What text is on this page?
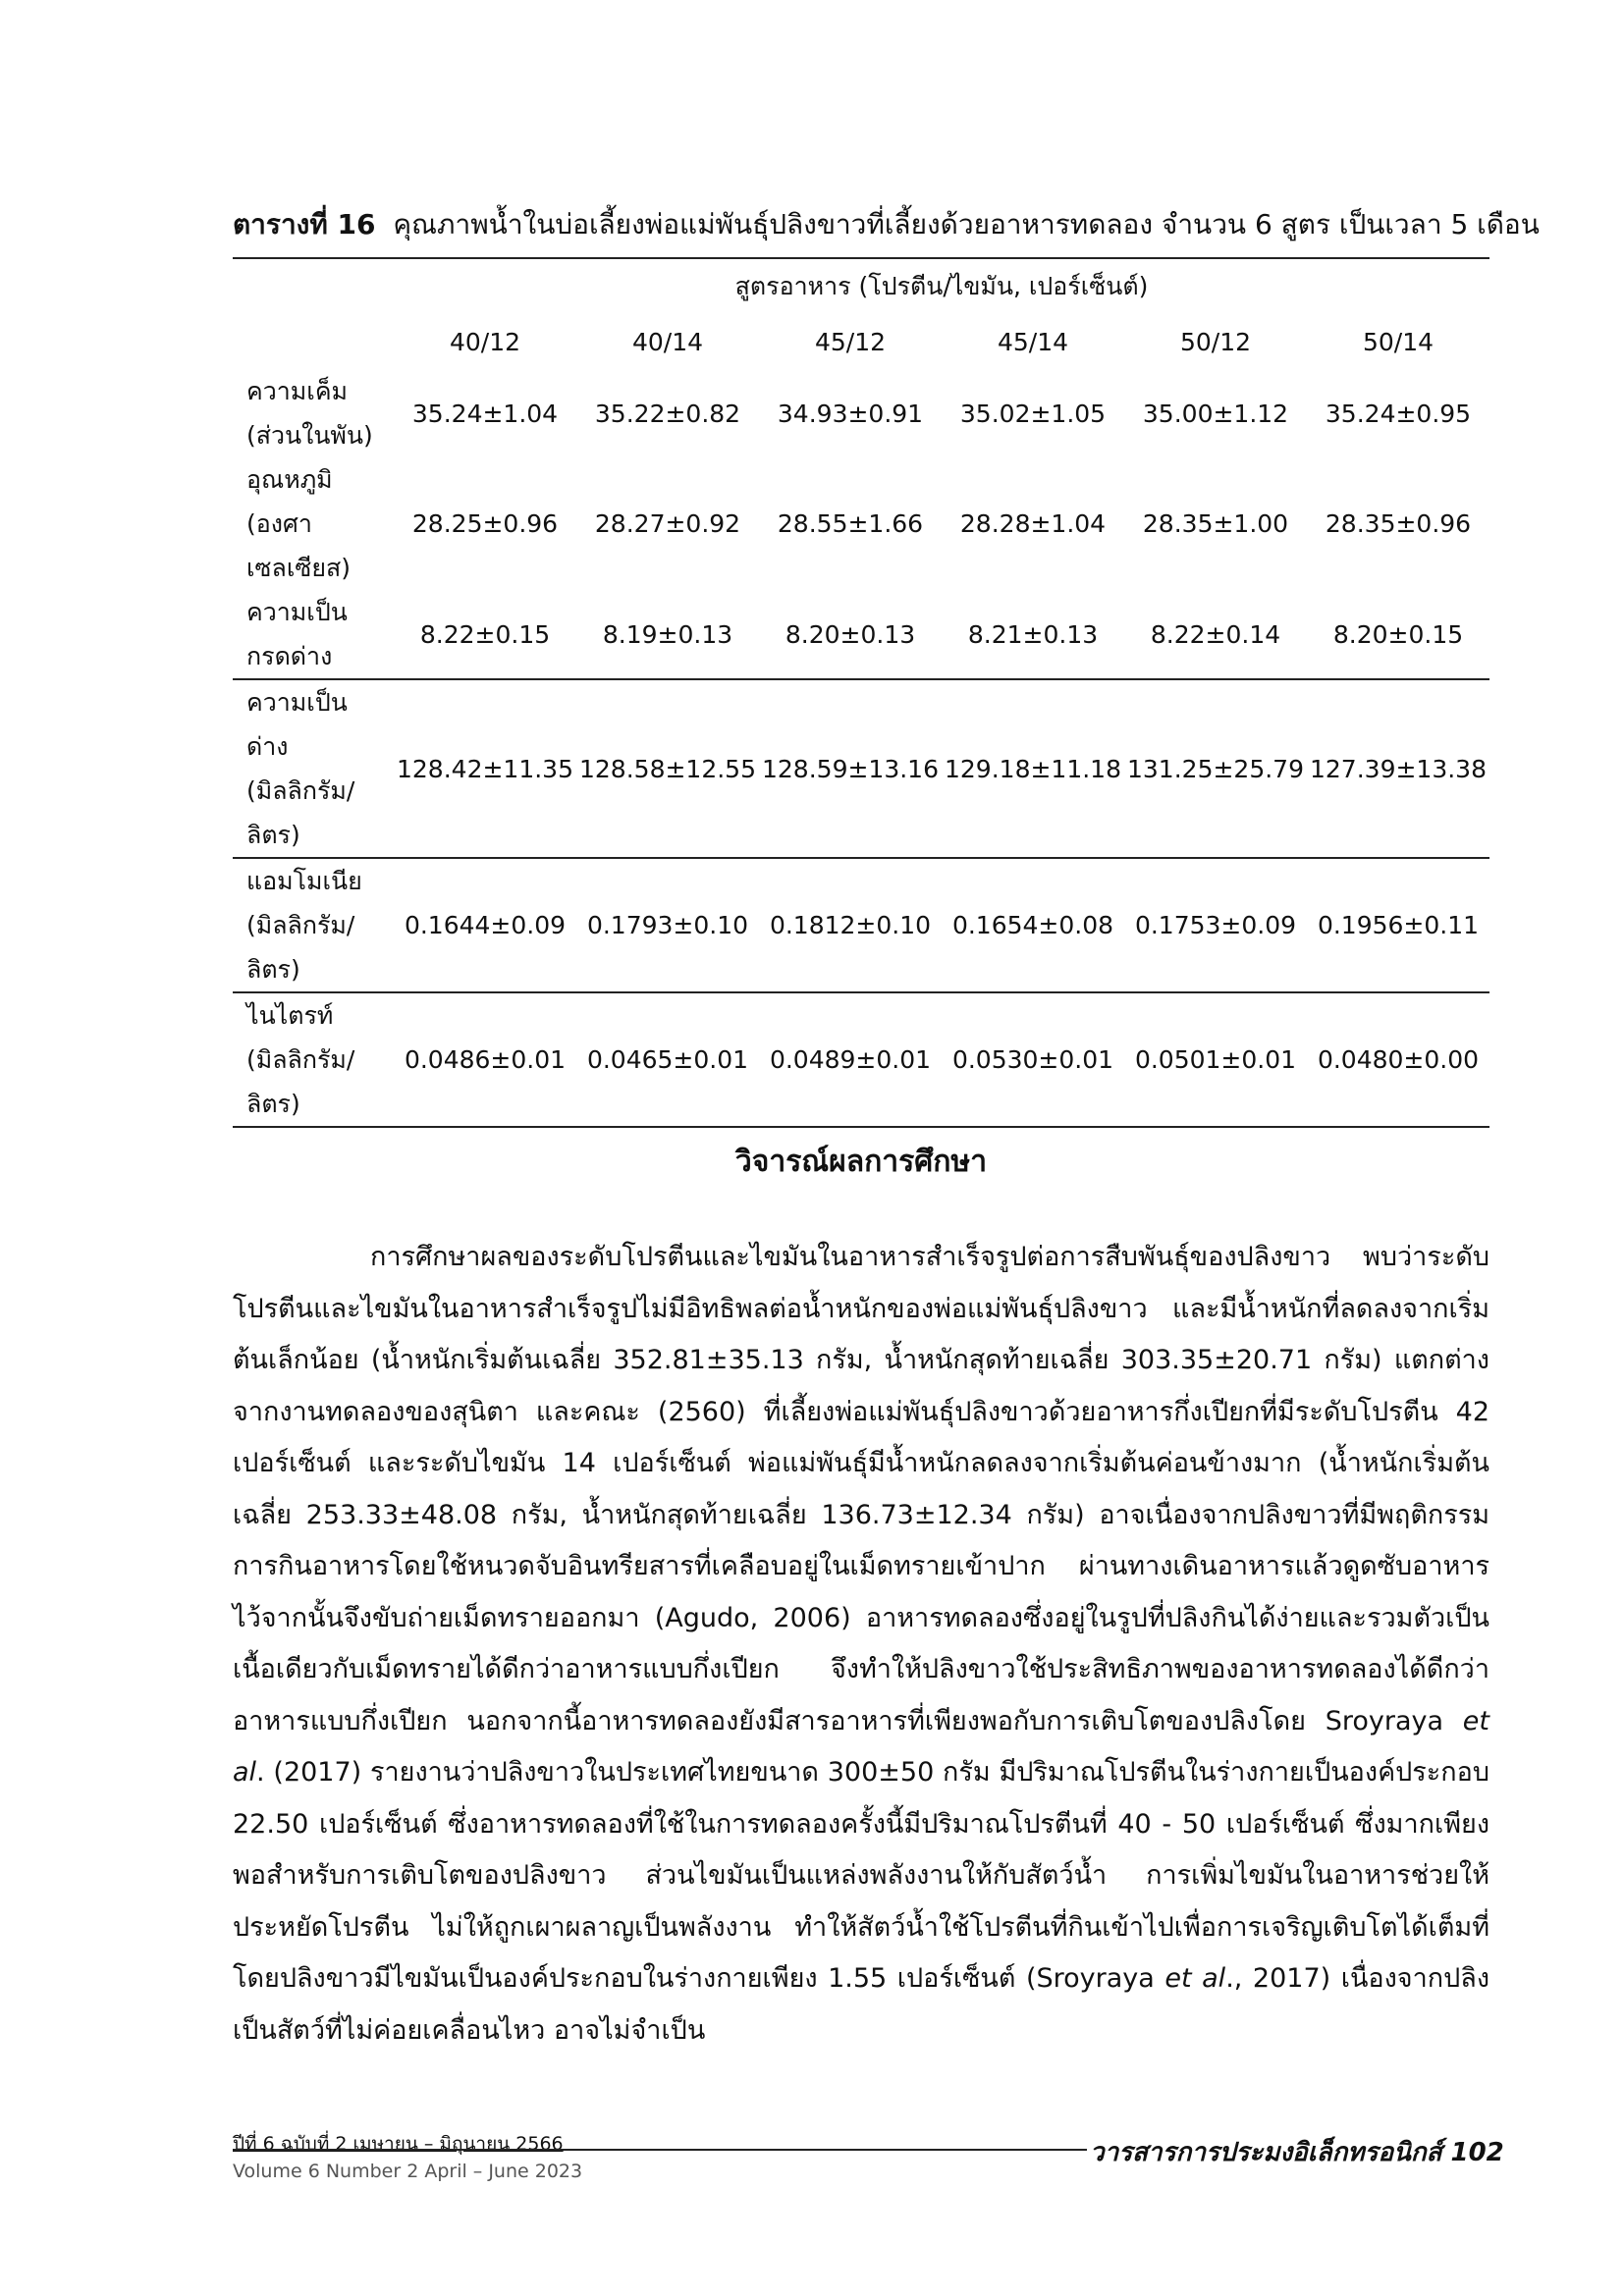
ตารางที่ 16 คุณภาพน้ำในบ่อเลี้ยงพ่อแม่พันธุ์ปลิงขาวที่เลี้ยงด้วยอาหารทดลอง จำนวน 6 สูตร เป็นเวลา 5 เดือน
	สูตรอาหาร (โปรตีน/ไขมัน, เปอร์เซ็นต์)					
	40/12	40/14	45/12	45/14	50/12	50/14

ความเค็ม
(ส่วนในพัน)	35.24±1.04	35.22±0.82	34.93±0.91	35.02±1.05	35.00±1.12	35.24±0.95

อุณหภูมิ
(องศา
เซลเซียส)	28.25±0.96	28.27±0.92	28.55±1.66	28.28±1.04	28.35±1.00	28.35±0.96

ความเป็น
กรดด่าง	8.22±0.15	8.19±0.13	8.20±0.13	8.21±0.13	8.22±0.14	8.20±0.15

ความเป็น
ด่าง
(มิลลิกรัม/
ลิตร)	128.42±11.35	128.58±12.55	128.59±13.16	129.18±11.18	131.25±25.79	127.39±13.38

แอมโมเนีย
(มิลลิกรัม/
ลิตร)	0.1644±0.09	0.1793±0.10	0.1812±0.10	0.1654±0.08	0.1753±0.09	0.1956±0.11

ไนไตรท์
(มิลลิกรัม/
ลิตร)	0.0486±0.01	0.0465±0.01	0.0489±0.01	0.0530±0.01	0.0501±0.01	0.0480±0.00
วิจารณ์ผลการศึกษา

การศึกษาผลของระดับโปรตีนและไขมันในอาหารสำเร็จรูปต่อการสืบพันธุ์ของปลิงขาว พบว่าระดับโปรตีนและไขมันในอาหารสำเร็จรูปไม่มีอิทธิพลต่อน้ำหนักของพ่อแม่พันธุ์ปลิงขาว และมีน้ำหนักที่ลดลงจากเริ่มต้นเล็กน้อย (น้ำหนักเริ่มต้นเฉลี่ย 352.81±35.13 กรัม, น้ำหนักสุดท้ายเฉลี่ย 303.35±20.71 กรัม) แตกต่างจากงานทดลองของสุนิตา และคณะ (2560) ที่เลี้ยงพ่อแม่พันธุ์ปลิงขาวด้วยอาหารกึ่งเปียกที่มีระดับโปรตีน 42 เปอร์เซ็นต์ และระดับไขมัน 14 เปอร์เซ็นต์ พ่อแม่พันธุ์มีน้ำหนักลดลงจากเริ่มต้นค่อนข้างมาก (น้ำหนักเริ่มต้นเฉลี่ย 253.33±48.08 กรัม, น้ำหนักสุดท้ายเฉลี่ย 136.73±12.34 กรัม) อาจเนื่องจากปลิงขาวที่มีพฤติกรรมการกินอาหารโดยใช้หนวดจับอินทรียสารที่เคลือบอยู่ในเม็ดทรายเข้าปาก ผ่านทางเดินอาหารแล้วดูดซับอาหารไว้จากนั้นจึงขับถ่ายเม็ดทรายออกมา (Agudo, 2006) อาหารทดลองซึ่งอยู่ในรูปที่ปลิงกินได้ง่ายและรวมตัวเป็นเนื้อเดียวกับเม็ดทรายได้ดีกว่าอาหารแบบกึ่งเปียก จึงทำให้ปลิงขาวใช้ประสิทธิภาพของอาหารทดลองได้ดีกว่าอาหารแบบกึ่งเปียก นอกจากนี้อาหารทดลองยังมีสารอาหารที่เพียงพอกับการเติบโตของปลิงโดย Sroyraya et al. (2017) รายงานว่าปลิงขาวในประเทศไทยขนาด 300±50 กรัม มีปริมาณโปรตีนในร่างกายเป็นองค์ประกอบ 22.50 เปอร์เซ็นต์ ซึ่งอาหารทดลองที่ใช้ในการทดลองครั้งนี้มีปริมาณโปรตีนที่ 40 - 50 เปอร์เซ็นต์ ซึ่งมากเพียงพอสำหรับการเติบโตของปลิงขาว ส่วนไขมันเป็นแหล่งพลังงานให้กับสัตว์น้ำ การเพิ่มไขมันในอาหารช่วยให้ประหยัดโปรตีน ไม่ให้ถูกเผาผลาญเป็นพลังงาน ทำให้สัตว์น้ำใช้โปรตีนที่กินเข้าไปเพื่อการเจริญเติบโตได้เต็มที่ โดยปลิงขาวมีไขมันเป็นองค์ประกอบในร่างกายเพียง 1.55 เปอร์เซ็นต์ (Sroyraya et al., 2017) เนื่องจากปลิงเป็นสัตว์ที่ไม่ค่อยเคลื่อนไหว อาจไม่จำเป็น

ปีที่ 6 ฉบับที่ 2 เมษายน – มิถุนายน 2566
Volume 6 Number 2 April – June 2023
วารสารการประมงอิเล็กทรอนิกส์ 102
